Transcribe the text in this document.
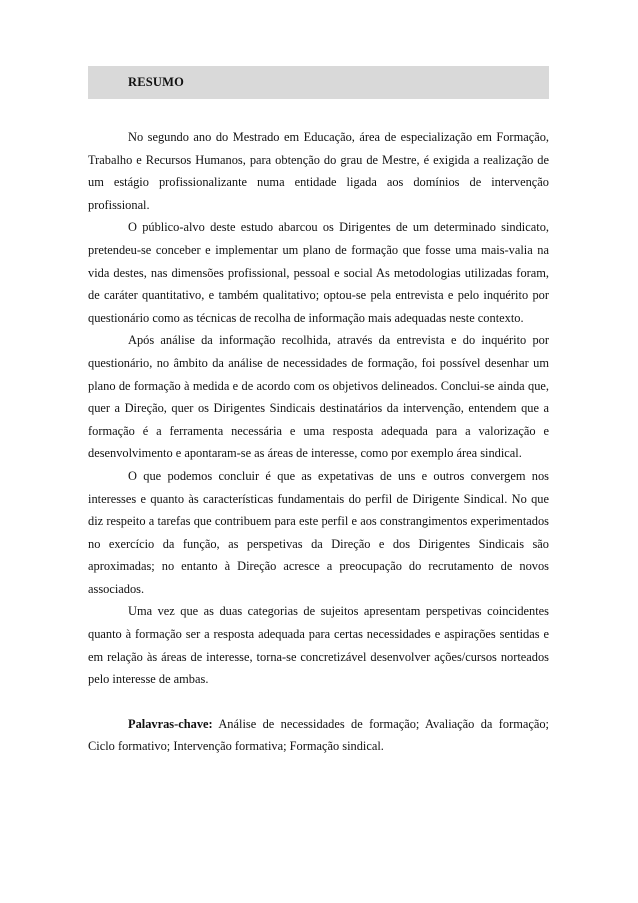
RESUMO

No segundo ano do Mestrado em Educação, área de especialização em Formação, Trabalho e Recursos Humanos, para obtenção do grau de Mestre, é exigida a realização de um estágio profissionalizante numa entidade ligada aos domínios de intervenção profissional.

O público-alvo deste estudo abarcou os Dirigentes de um determinado sindicato, pretendeu-se conceber e implementar um plano de formação que fosse uma mais-valia na vida destes, nas dimensões profissional, pessoal e social As metodologias utilizadas foram, de caráter quantitativo, e também qualitativo; optou-se pela entrevista e pelo inquérito por questionário como as técnicas de recolha de informação mais adequadas neste contexto.

Após análise da informação recolhida, através da entrevista e do inquérito por questionário, no âmbito da análise de necessidades de formação, foi possível desenhar um plano de formação à medida e de acordo com os objetivos delineados. Conclui-se ainda que, quer a Direção, quer os Dirigentes Sindicais destinatários da intervenção, entendem que a formação é a ferramenta necessária e uma resposta adequada para a valorização e desenvolvimento e apontaram-se as áreas de interesse, como por exemplo área sindical.

O que podemos concluir é que as expetativas de uns e outros convergem nos interesses e quanto às características fundamentais do perfil de Dirigente Sindical. No que diz respeito a tarefas que contribuem para este perfil e aos constrangimentos experimentados no exercício da função, as perspetivas da Direção e dos Dirigentes Sindicais são aproximadas; no entanto à Direção acresce a preocupação do recrutamento de novos associados.

Uma vez que as duas categorias de sujeitos apresentam perspetivas coincidentes quanto à formação ser a resposta adequada para certas necessidades e aspirações sentidas e em relação às áreas de interesse, torna-se concretizável desenvolver ações/cursos norteados pelo interesse de ambas.

Palavras-chave: Análise de necessidades de formação; Avaliação da formação; Ciclo formativo; Intervenção formativa; Formação sindical.
